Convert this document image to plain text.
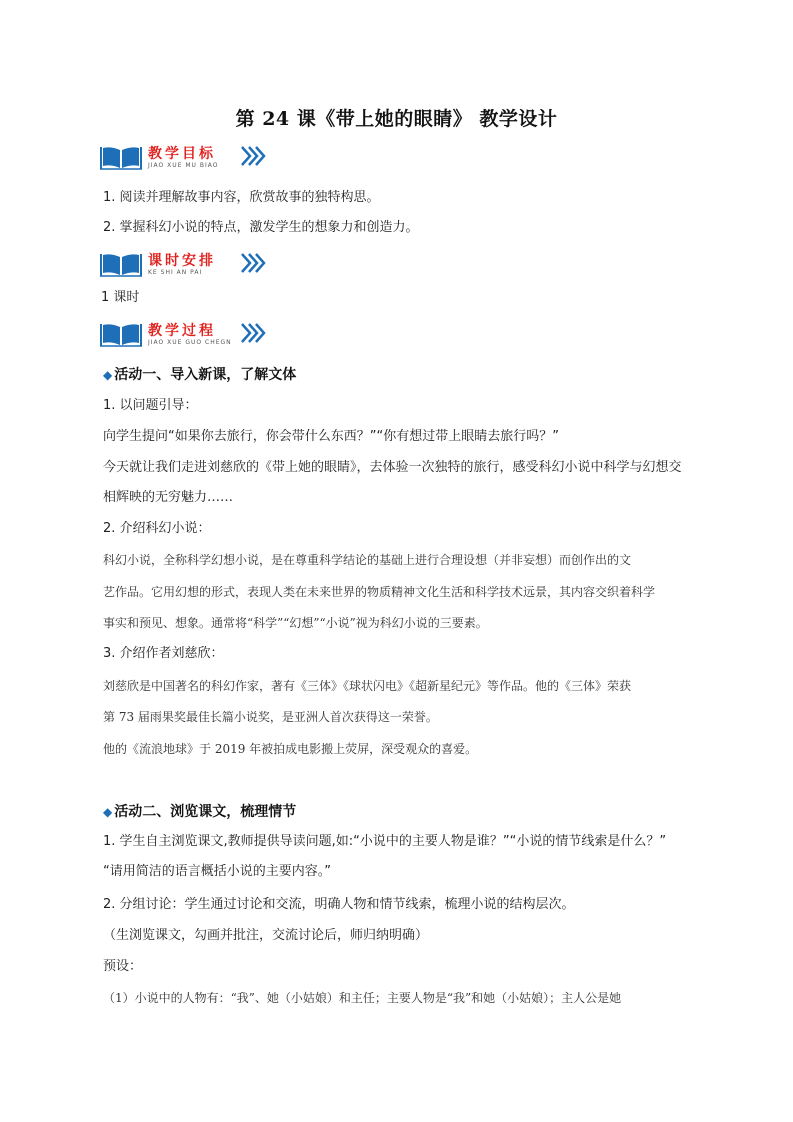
第 24 课《带上她的眼睛》 教学设计
教学目标
JIAO XUE MU BIAO
1. 阅读并理解故事内容，欣赏故事的独特构思。
2. 掌握科幻小说的特点，激发学生的想象力和创造力。
课时安排
KE SHI AN PAI
1 课时
教学过程
JIAO XUE GUO CHEGN
◆ 活动一、导入新课，了解文体
1. 以问题引导：
向学生提问“如果你去旅行，你会带什么东西？”“你有想过带上眼睛去旅行吗？”
今天就让我们走进刘慈欣的《带上她的眼睛》，去体验一次独特的旅行，感受科幻小说中科学与幻想交
相辉映的无穷魅力……
2. 介绍科幻小说：
科幻小说，全称科学幻想小说，是在尊重科学结论的基础上进行合理设想（并非妄想）而创作出的文
艺作品。它用幻想的形式，表现人类在未来世界的物质精神文化生活和科学技术远景，其内容交织着科学
事实和预见、想象。通常将“科学”“幻想”“小说”视为科幻小说的三要素。
3. 介绍作者刘慈欣：
刘慈欣是中国著名的科幻作家，著有《三体》《球状闪电》《超新星纪元》等作品。他的《三体》荣获
第 73 届雨果奖最佳长篇小说奖，是亚洲人首次获得这一荣誉。
他的《流浪地球》于 2019 年被拍成电影搬上荧屏，深受观众的喜爱。
◆ 活动二、浏览课文，梳理情节
1. 学生自主浏览课文,教师提供导读问题,如:“小说中的主要人物是谁？”“小说的情节线索是什么？”
“请用简洁的语言概括小说的主要内容。”
2. 分组讨论：学生通过讨论和交流，明确人物和情节线索，梳理小说的结构层次。
（生浏览课文，勾画并批注，交流讨论后，师归纳明确）
预设：
（1）小说中的人物有：“我”、她（小姑娘）和主任；主要人物是“我”和她（小姑娘）；主人公是她
